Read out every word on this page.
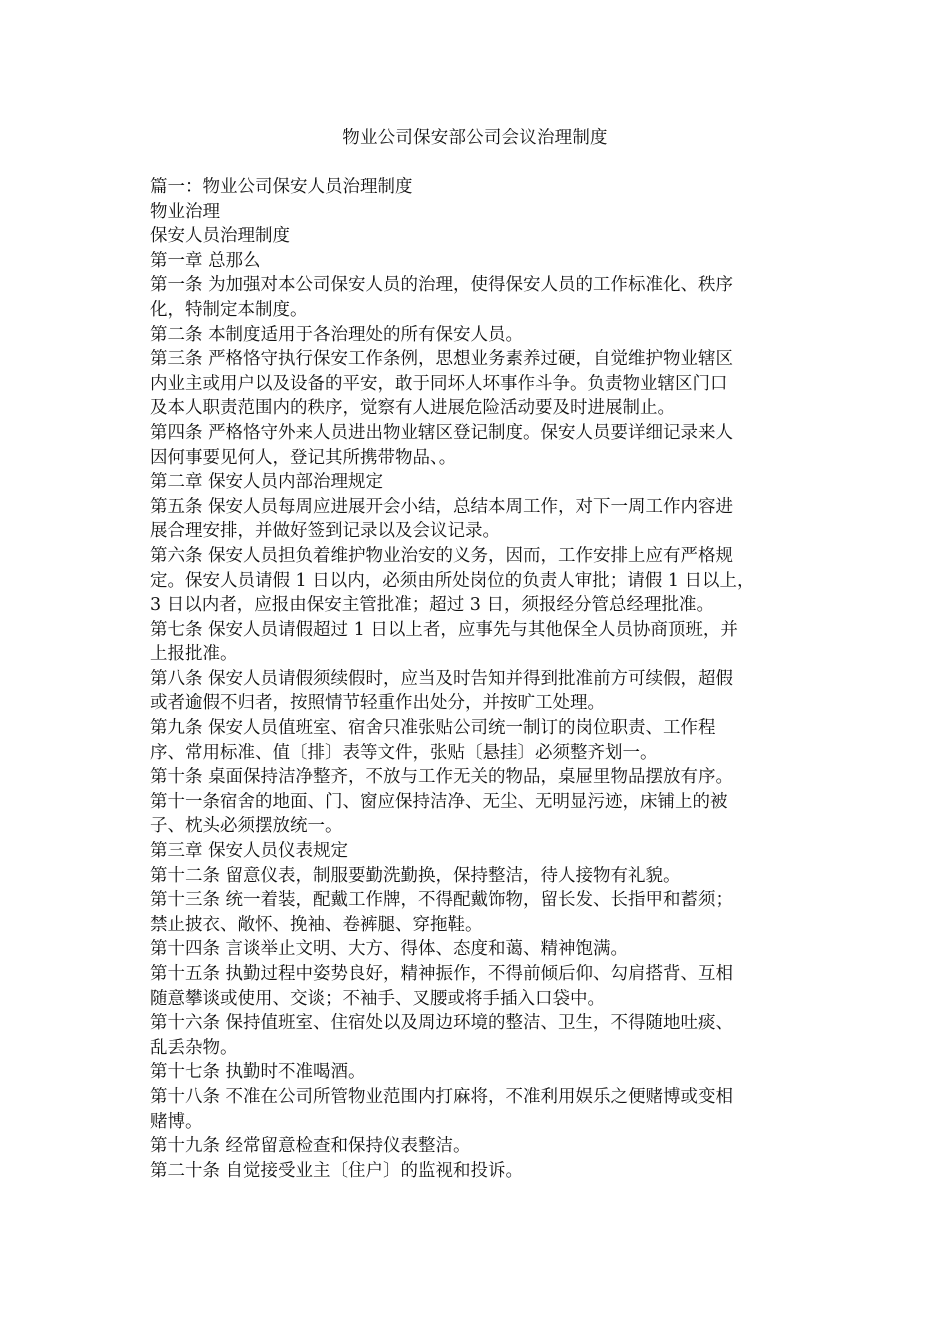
物业公司保安部公司会议治理制度

篇一：物业公司保安人员治理制度

物业治理

保安人员治理制度

第一章 总那么

第一条 为加强对本公司保安人员的治理，使得保安人员的工作标准化、秩序

化，特制定本制度。

第二条 本制度适用于各治理处的所有保安人员。

第三条 严格恪守执行保安工作条例，思想业务素养过硬，自觉维护物业辖区

内业主或用户以及设备的平安，敢于同坏人坏事作斗争。负责物业辖区门口

及本人职责范围内的秩序，觉察有人进展危险活动要及时进展制止。

第四条 严格恪守外来人员进出物业辖区登记制度。保安人员要详细记录来人

因何事要见何人，登记其所携带物品、。

第二章 保安人员内部治理规定

第五条 保安人员每周应进展开会小结，总结本周工作，对下一周工作内容进

展合理安排，并做好签到记录以及会议记录。

第六条 保安人员担负着维护物业治安的义务，因而，工作安排上应有严格规

定。保安人员请假 1 日以内，必须由所处岗位的负责人审批；请假 1 日以上，

3 日以内者，应报由保安主管批准；超过 3 日，须报经分管总经理批准。

第七条 保安人员请假超过 1 日以上者，应事先与其他保全人员协商顶班，并

上报批准。

第八条 保安人员请假须续假时，应当及时告知并得到批准前方可续假，超假

或者逾假不归者，按照情节轻重作出处分，并按旷工处理。

第九条 保安人员值班室、宿舍只准张贴公司统一制订的岗位职责、工作程

序、常用标准、值〔排〕表等文件，张贴〔悬挂〕必须整齐划一。

第十条 桌面保持洁净整齐，不放与工作无关的物品，桌屉里物品摆放有序。

第十一条宿舍的地面、门、窗应保持洁净、无尘、无明显污迹，床铺上的被

子、枕头必须摆放统一。

第三章 保安人员仪表规定

第十二条 留意仪表，制服要勤洗勤换，保持整洁，待人接物有礼貌。

第十三条 统一着装，配戴工作牌，不得配戴饰物，留长发、长指甲和蓄须；

禁止披衣、敞怀、挽袖、卷裤腿、穿拖鞋。

第十四条 言谈举止文明、大方、得体、态度和蔼、精神饱满。

第十五条 执勤过程中姿势良好，精神振作，不得前倾后仰、勾肩搭背、互相

随意攀谈或使用、交谈；不袖手、叉腰或将手插入口袋中。

第十六条 保持值班室、住宿处以及周边环境的整洁、卫生，不得随地吐痰、

乱丢杂物。

第十七条 执勤时不准喝酒。

第十八条 不准在公司所管物业范围内打麻将，不准利用娱乐之便赌博或变相

赌博。

第十九条 经常留意检查和保持仪表整洁。

第二十条 自觉接受业主〔住户〕的监视和投诉。
